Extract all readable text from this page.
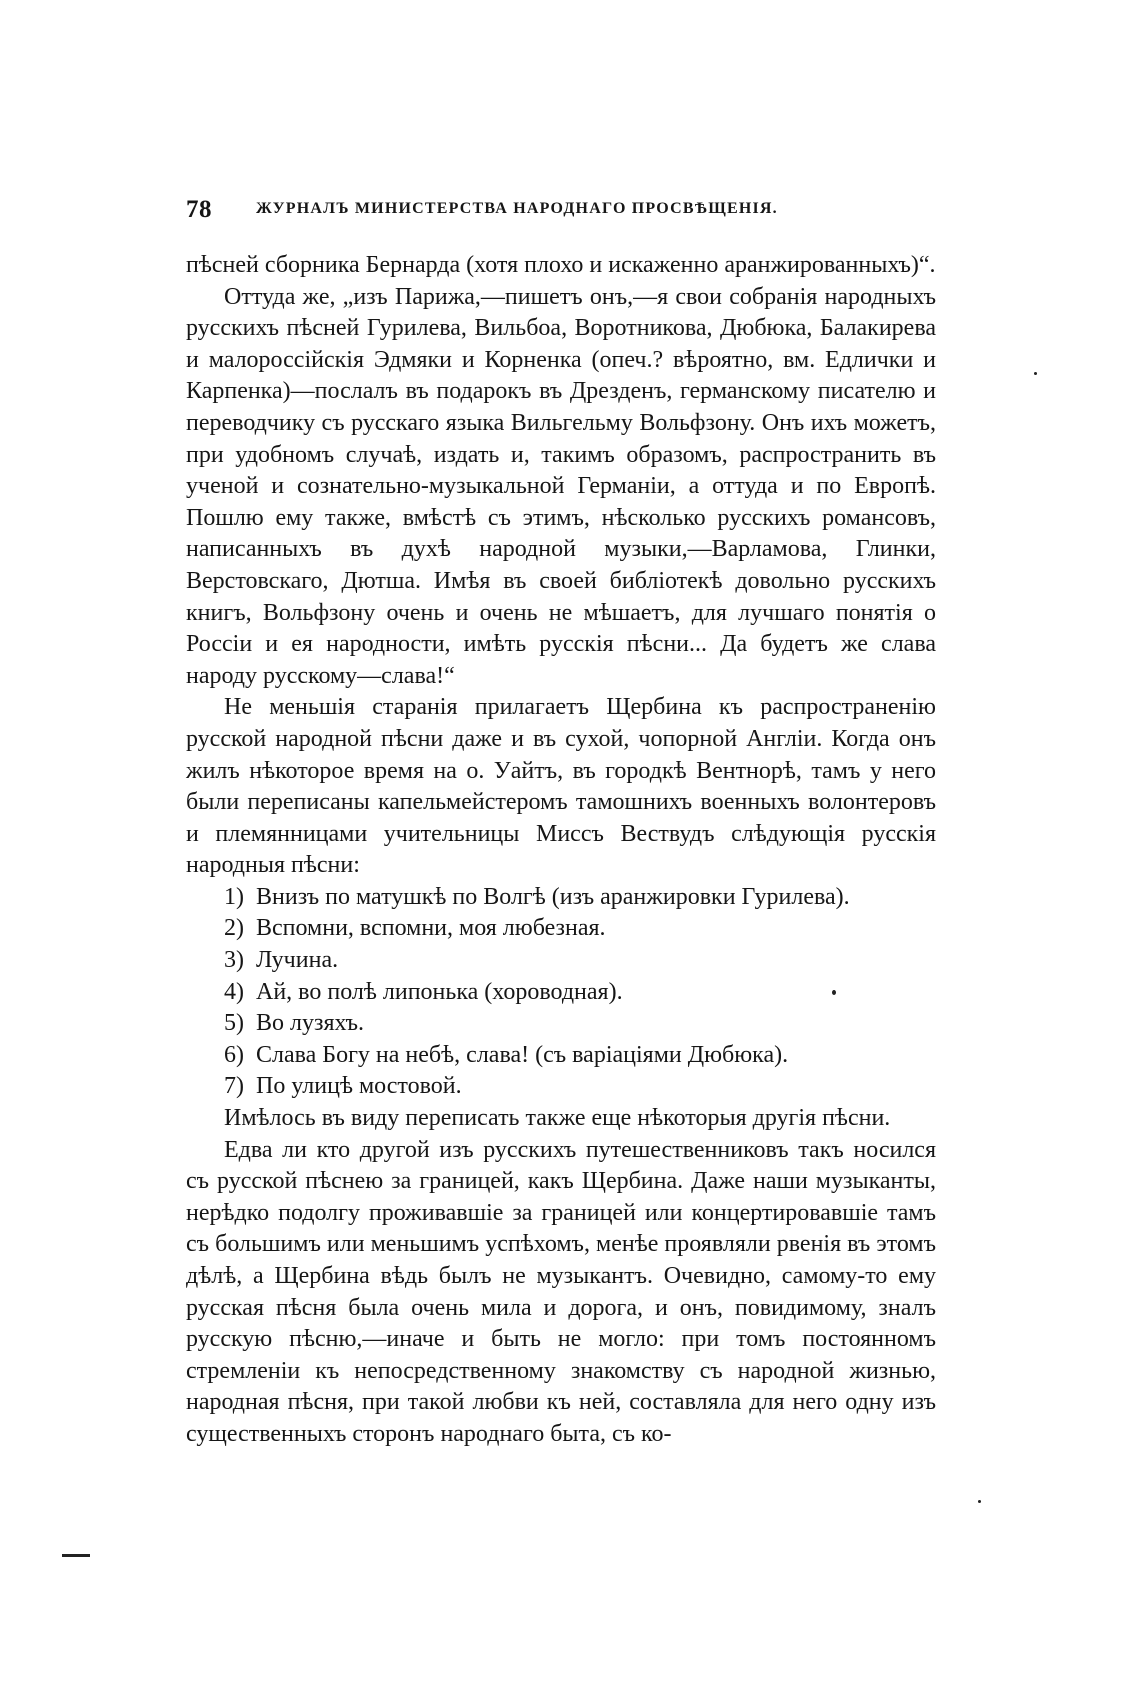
78	ЖУРНАЛЪ МИНИСТЕРСТВА НАРОДНАГО ПРОСВѢЩЕНІЯ.

пѣсней сборника Бернарда (хотя плохо и искаженно аранжированныхъ)“.

Оттуда же, „изъ Парижа,—пишетъ онъ,—я свои собранія народныхъ русскихъ пѣсней Гурилева, Вильбоа, Воротникова, Дюбюка, Балакирева и малороссійскія Эдмяки и Корненка (опеч.? вѣроятно, вм. Едлички и Карпенка)—послалъ въ подарокъ въ Дрезденъ, германскому писателю и переводчику съ русскаго языка Вильгельму Вольфзону. Онъ ихъ можетъ, при удобномъ случаѣ, издать и, такимъ образомъ, распространить въ ученой и сознательно-музыкальной Германіи, а оттуда и по Европѣ. Пошлю ему также, вмѣстѣ съ этимъ, нѣсколько русскихъ романсовъ, написанныхъ въ духѣ народной музыки,—Варламова, Глинки, Верстовскаго, Дютша. Имѣя въ своей библіотекѣ довольно русскихъ книгъ, Вольфзону очень и очень не мѣшаетъ, для лучшаго понятія о Россіи и ея народности, имѣть русскія пѣсни... Да будетъ же слава народу русскому—слава!“

Не меньшія старанія прилагаетъ Щербина къ распространенію русской народной пѣсни даже и въ сухой, чопорной Англіи. Когда онъ жилъ нѣкоторое время на о. Уайтъ, въ городкѣ Вентнорѣ, тамъ у него были переписаны капельмейстеромъ тамошнихъ военныхъ волонтеровъ и племянницами учительницы Миссъ Вествудъ слѣдующія русскія народныя пѣсни:

1) Внизъ по матушкѣ по Волгѣ (изъ аранжировки Гурилева).
2) Вспомни, вспомни, моя любезная.
3) Лучина.
4) Ай, во полѣ липонька (хороводная).
5) Во лузяхъ.
6) Слава Богу на небѣ, слава! (съ варіаціями Дюбюка).
7) По улицѣ мостовой.

Имѣлось въ виду переписать также еще нѣкоторыя другія пѣсни.

Едва ли кто другой изъ русскихъ путешественниковъ такъ носился съ русской пѣснею за границей, какъ Щербина. Даже наши музыканты, нерѣдко подолгу проживавшіе за границей или концертировавшіе тамъ съ большимъ или меньшимъ успѣхомъ, менѣе проявляли рвенія въ этомъ дѣлѣ, а Щербина вѣдь былъ не музыкантъ. Очевидно, самому-то ему русская пѣсня была очень мила и дорога, и онъ, повидимому, зналъ русскую пѣсню,—иначе и быть не могло: при томъ постоянномъ стремленіи къ непосредственному знакомству съ народной жизнью, народная пѣсня, при такой любви къ ней, составляла для него одну изъ существенныхъ сторонъ народнаго быта, съ ко-
